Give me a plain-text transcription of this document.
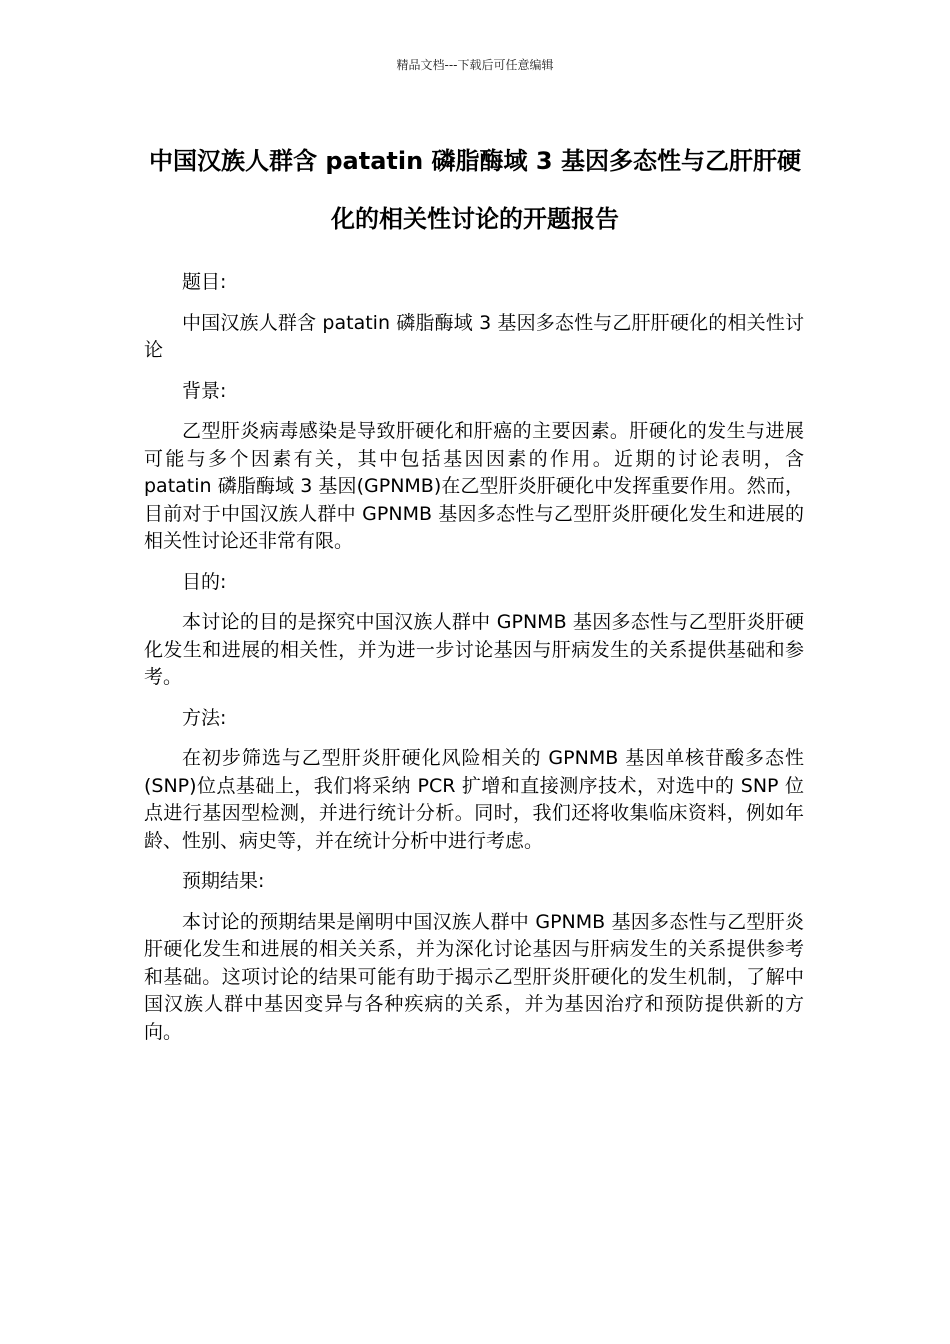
精品文档---下载后可任意编辑
中国汉族人群含 patatin 磷脂酶域 3 基因多态性与乙肝肝硬化的相关性讨论的开题报告

题目:

中国汉族人群含 patatin 磷脂酶域 3 基因多态性与乙肝肝硬化的相关性讨论

背景:

乙型肝炎病毒感染是导致肝硬化和肝癌的主要因素。肝硬化的发生与进展可能与多个因素有关，其中包括基因因素的作用。近期的讨论表明，含 patatin 磷脂酶域 3 基因(GPNMB)在乙型肝炎肝硬化中发挥重要作用。然而，目前对于中国汉族人群中 GPNMB 基因多态性与乙型肝炎肝硬化发生和进展的相关性讨论还非常有限。

目的:

本讨论的目的是探究中国汉族人群中 GPNMB 基因多态性与乙型肝炎肝硬化发生和进展的相关性，并为进一步讨论基因与肝病发生的关系提供基础和参考。

方法:

在初步筛选与乙型肝炎肝硬化风险相关的 GPNMB 基因单核苷酸多态性(SNP)位点基础上，我们将采纳 PCR 扩增和直接测序技术，对选中的 SNP 位点进行基因型检测，并进行统计分析。同时，我们还将收集临床资料，例如年龄、性别、病史等，并在统计分析中进行考虑。

预期结果:

本讨论的预期结果是阐明中国汉族人群中 GPNMB 基因多态性与乙型肝炎肝硬化发生和进展的相关关系，并为深化讨论基因与肝病发生的关系提供参考和基础。这项讨论的结果可能有助于揭示乙型肝炎肝硬化的发生机制，了解中国汉族人群中基因变异与各种疾病的关系，并为基因治疗和预防提供新的方向。
